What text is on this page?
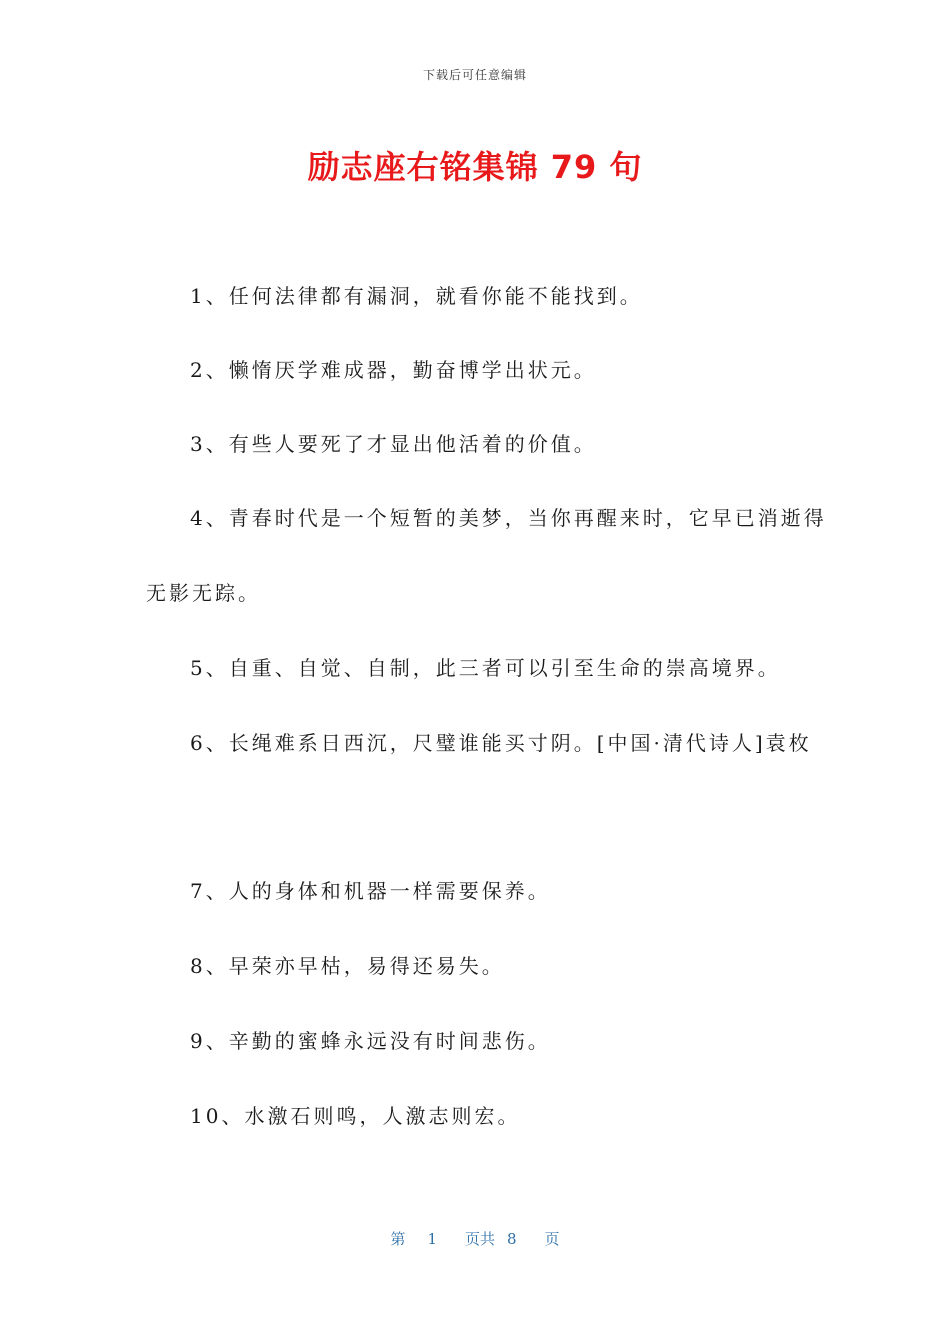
下载后可任意编辑
励志座右铭集锦 79 句

1、任何法律都有漏洞，就看你能不能找到。

2、懒惰厌学难成器，勤奋博学出状元。

3、有些人要死了才显出他活着的价值。

4、青春时代是一个短暂的美梦，当你再醒来时，它早已消逝得

无影无踪。

5、自重、自觉、自制，此三者可以引至生命的崇高境界。

6、长绳难系日西沉，尺璧谁能买寸阴。[中国·清代诗人]袁枚

7、人的身体和机器一样需要保养。

8、早荣亦早枯，易得还易失。

9、辛勤的蜜蜂永远没有时间悲伤。

10、水激石则鸣，人激志则宏。

第 1 页共 8 页
